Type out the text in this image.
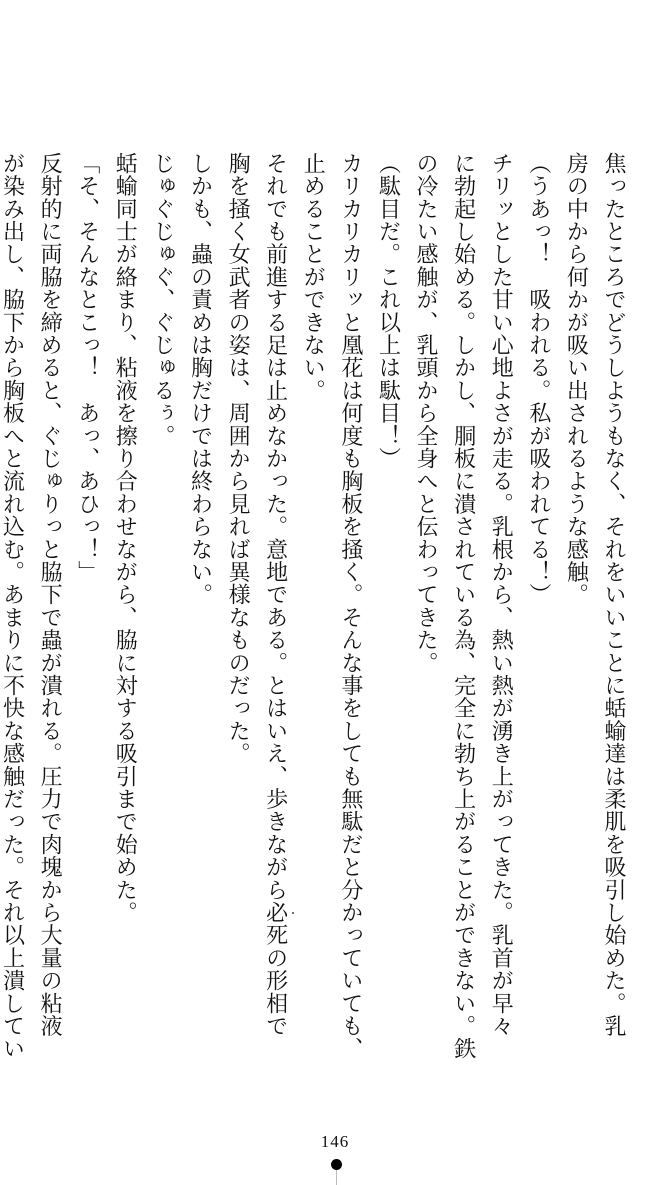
焦ったところでどうしようもなく、それをいいことに蛞蝓達は柔肌を吸引し始めた。乳
房の中から何かが吸い出されるような感触。
（うあっ！　吸われる。私が吸われてる！）
チリッとした甘い心地よさが走る。乳根から、熱い熱が湧き上がってきた。乳首が早々
に勃起し始める。しかし、胴板に潰されている為、完全に勃ち上がることができない。鉄
の冷たい感触が、乳頭から全身へと伝わってきた。
（駄目だ。これ以上は駄目！）
カリカリカリッと凰花は何度も胸板を掻く。そんな事をしても無駄だと分かっていても、
止めることができない。
それでも前進する足は止めなかった。意地である。とはいえ、歩きながら必死の形相で
胸を掻く女武者の姿は、周囲から見れば異様なものだった。
しかも、蟲の責めは胸だけでは終わらない。
じゅぐじゅぐ、ぐじゅるぅ。
蛞蝓同士が絡まり、粘液を擦り合わせながら、脇に対する吸引まで始めた。
「そ、そんなとこっ！　あっ、あひっ！」
反射的に両脇を締めると、ぐじゅりっと脇下で蟲が潰れる。圧力で肉塊から大量の粘液
が染み出し、脇下から胸板へと流れ込む。あまりに不快な感触だった。それ以上潰してい
146
